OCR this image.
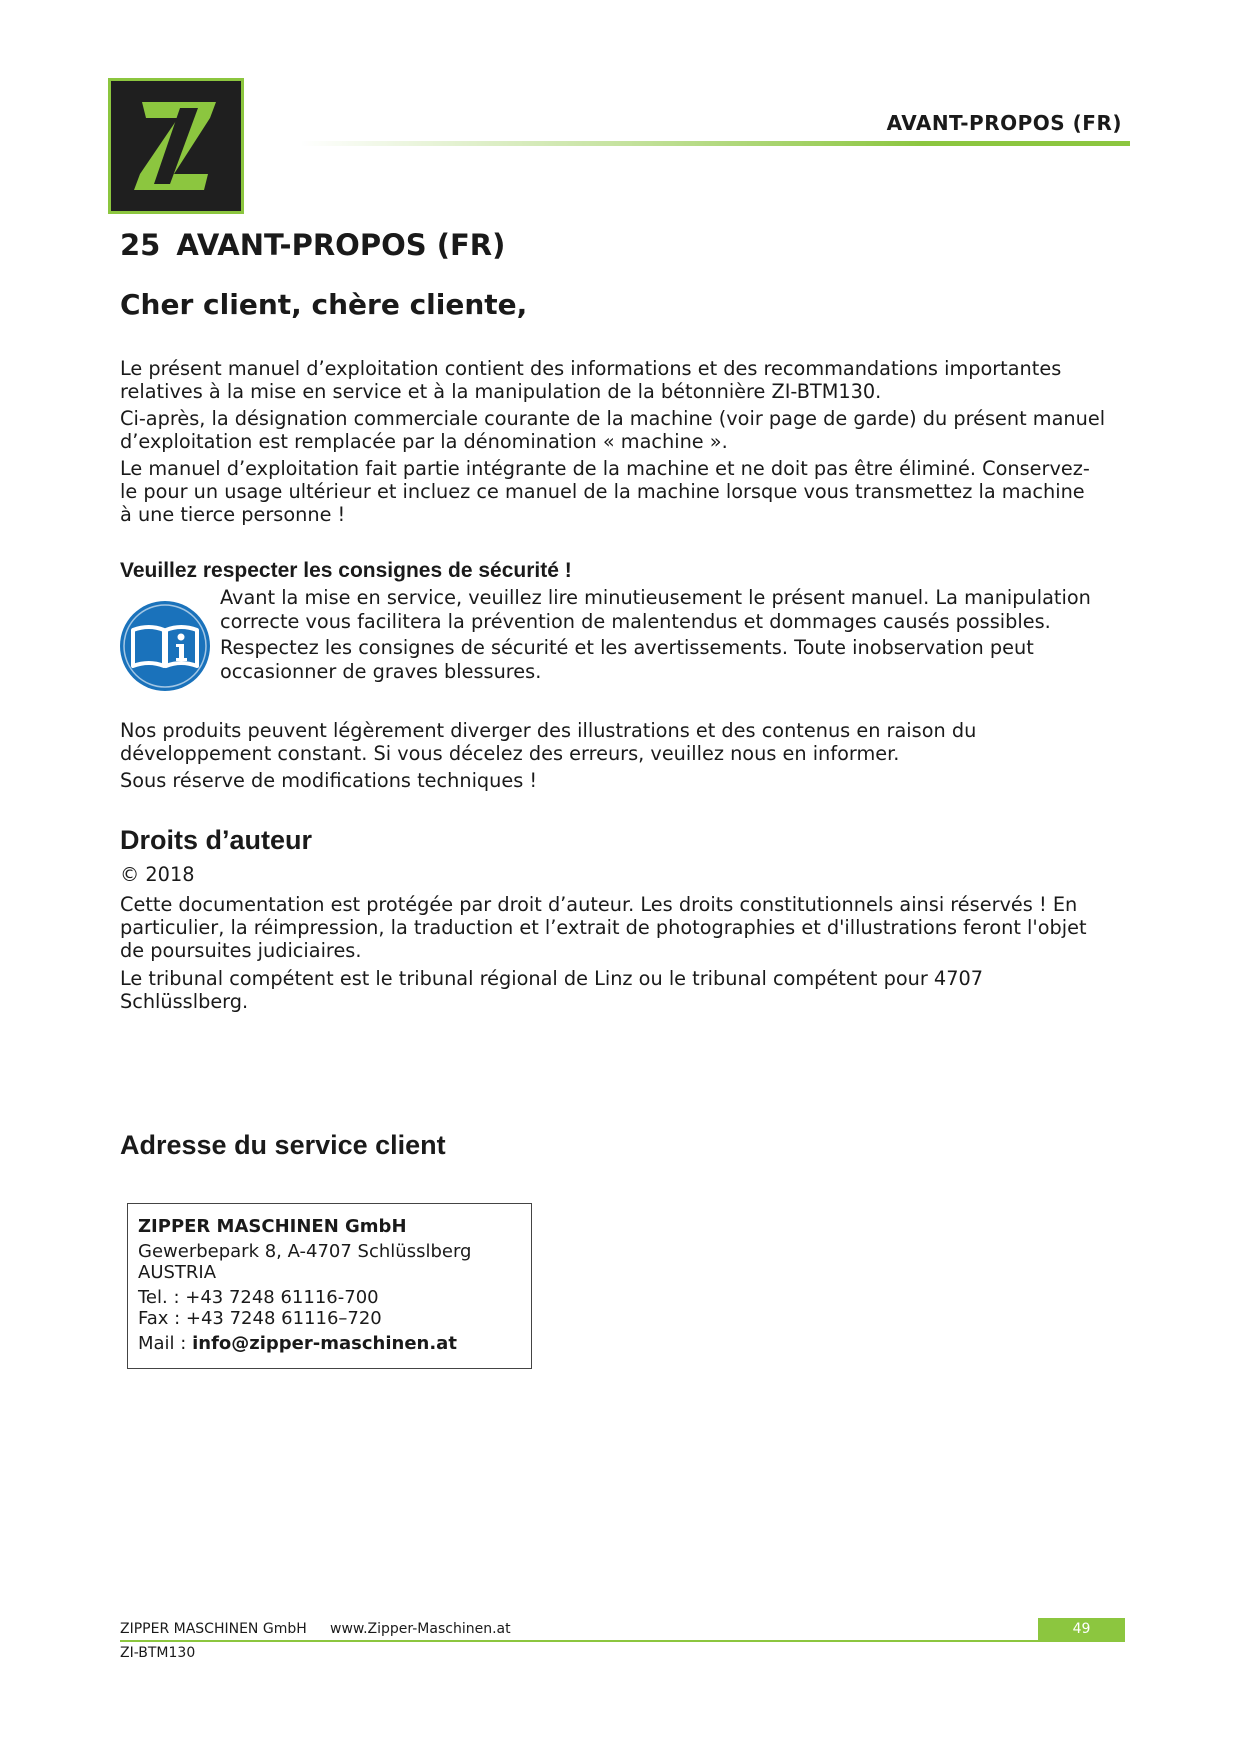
AVANT-PROPOS (FR)
25 AVANT-PROPOS (FR)
Cher client, chère cliente,

Le présent manuel d’exploitation contient des informations et des recommandations importantes
relatives à la mise en service et à la manipulation de la bétonnière ZI-BTM130.

Ci-après, la désignation commerciale courante de la machine (voir page de garde) du présent manuel
d’exploitation est remplacée par la dénomination « machine ».

Le manuel d’exploitation fait partie intégrante de la machine et ne doit pas être éliminé. Conservez-
le pour un usage ultérieur et incluez ce manuel de la machine lorsque vous transmettez la machine
à une tierce personne !

Veuillez respecter les consignes de sécurité !

Avant la mise en service, veuillez lire minutieusement le présent manuel. La manipulation
correcte vous facilitera la prévention de malentendus et dommages causés possibles.

Respectez les consignes de sécurité et les avertissements. Toute inobservation peut
occasionner de graves blessures.

Nos produits peuvent légèrement diverger des illustrations et des contenus en raison du
développement constant. Si vous décelez des erreurs, veuillez nous en informer.

Sous réserve de modifications techniques !

Droits d’auteur

© 2018

Cette documentation est protégée par droit d’auteur. Les droits constitutionnels ainsi réservés ! En
particulier, la réimpression, la traduction et l’extrait de photographies et d'illustrations feront l'objet
de poursuites judiciaires.

Le tribunal compétent est le tribunal régional de Linz ou le tribunal compétent pour 4707
Schlüsslberg.

Adresse du service client
ZIPPER MASCHINEN GmbH
Gewerbepark 8, A-4707 Schlüsslberg
AUSTRIA
Tel. : +43 7248 61116-700
Fax : +43 7248 61116–720
Mail : info@zipper-maschinen.at
ZIPPER MASCHINEN GmbH www.Zipper-Maschinen.at	49
ZI-BTM130
